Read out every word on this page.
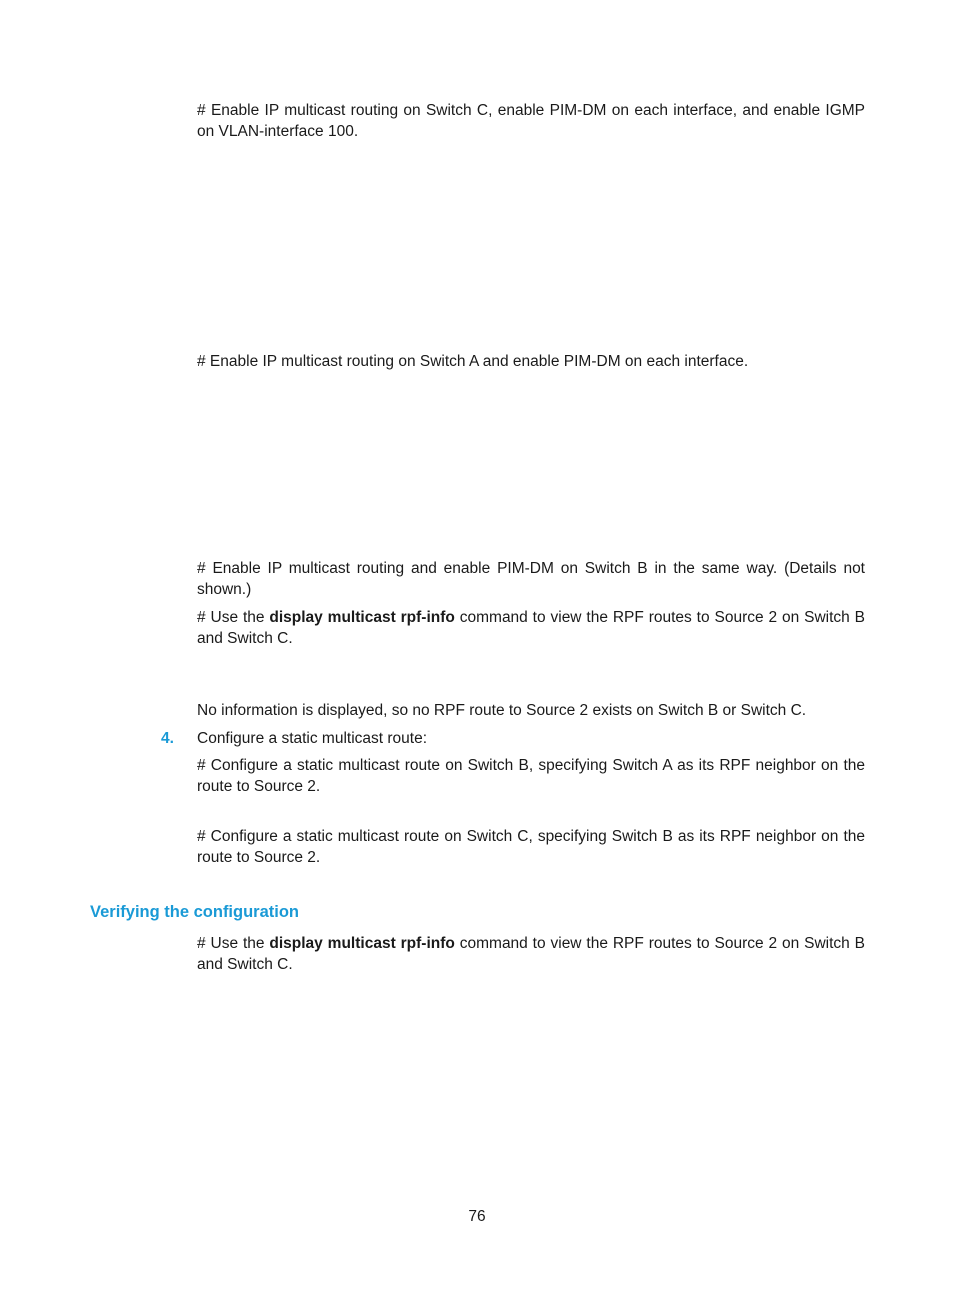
# Enable IP multicast routing on Switch C, enable PIM-DM on each interface, and enable IGMP on VLAN-interface 100.

# Enable IP multicast routing on Switch A and enable PIM-DM on each interface.

# Enable IP multicast routing and enable PIM-DM on Switch B in the same way. (Details not shown.)

# Use the display multicast rpf-info command to view the RPF routes to Source 2 on Switch B and Switch C.

No information is displayed, so no RPF route to Source 2 exists on Switch B or Switch C.

4. Configure a static multicast route:

# Configure a static multicast route on Switch B, specifying Switch A as its RPF neighbor on the route to Source 2.

# Configure a static multicast route on Switch C, specifying Switch B as its RPF neighbor on the route to Source 2.

Verifying the configuration

# Use the display multicast rpf-info command to view the RPF routes to Source 2 on Switch B and Switch C.

76
